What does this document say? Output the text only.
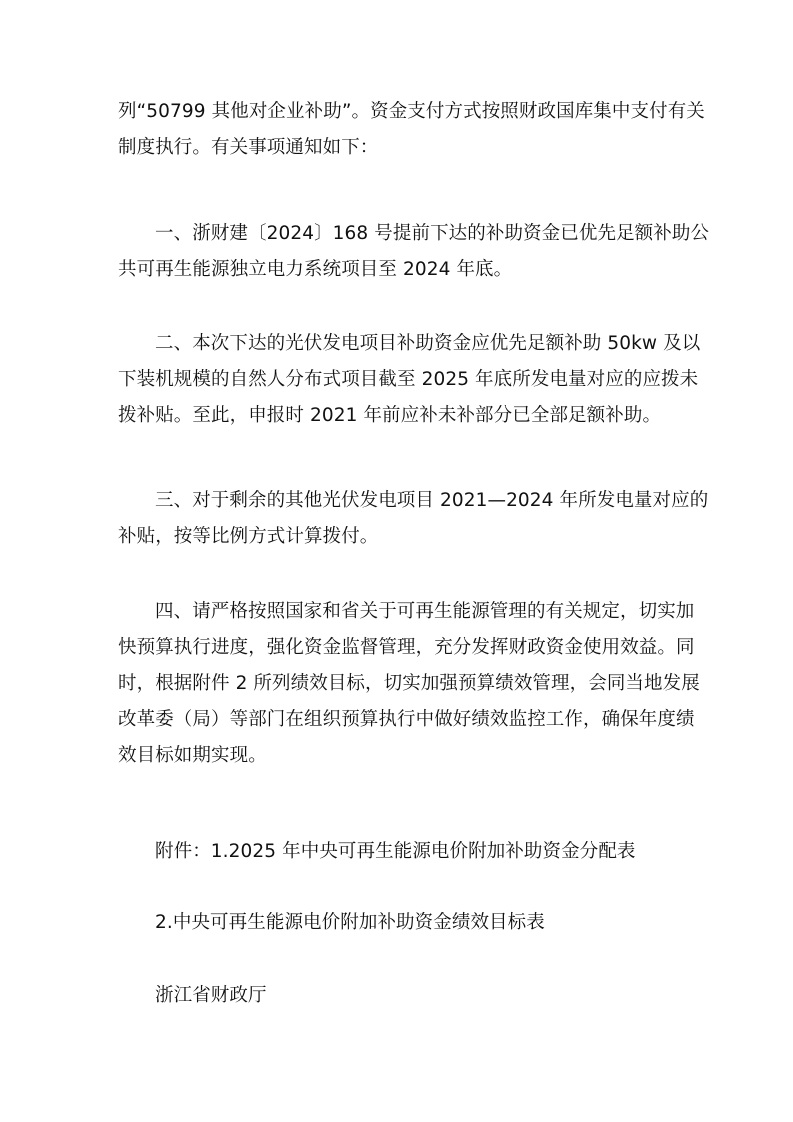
列“50799 其他对企业补助”。资金支付方式按照财政国库集中支付有关
制度执行。有关事项通知如下：
一、浙财建〔2024〕168 号提前下达的补助资金已优先足额补助公
共可再生能源独立电力系统项目至 2024 年底。
二、本次下达的光伏发电项目补助资金应优先足额补助 50kw 及以
下装机规模的自然人分布式项目截至 2025 年底所发电量对应的应拨未
拨补贴。至此，申报时 2021 年前应补未补部分已全部足额补助。
三、对于剩余的其他光伏发电项目 2021—2024 年所发电量对应的
补贴，按等比例方式计算拨付。
四、请严格按照国家和省关于可再生能源管理的有关规定，切实加
快预算执行进度，强化资金监督管理，充分发挥财政资金使用效益。同
时，根据附件 2 所列绩效目标，切实加强预算绩效管理，会同当地发展
改革委（局）等部门在组织预算执行中做好绩效监控工作，确保年度绩
效目标如期实现。
附件：1.2025 年中央可再生能源电价附加补助资金分配表
2.中央可再生能源电价附加补助资金绩效目标表
浙江省财政厅
